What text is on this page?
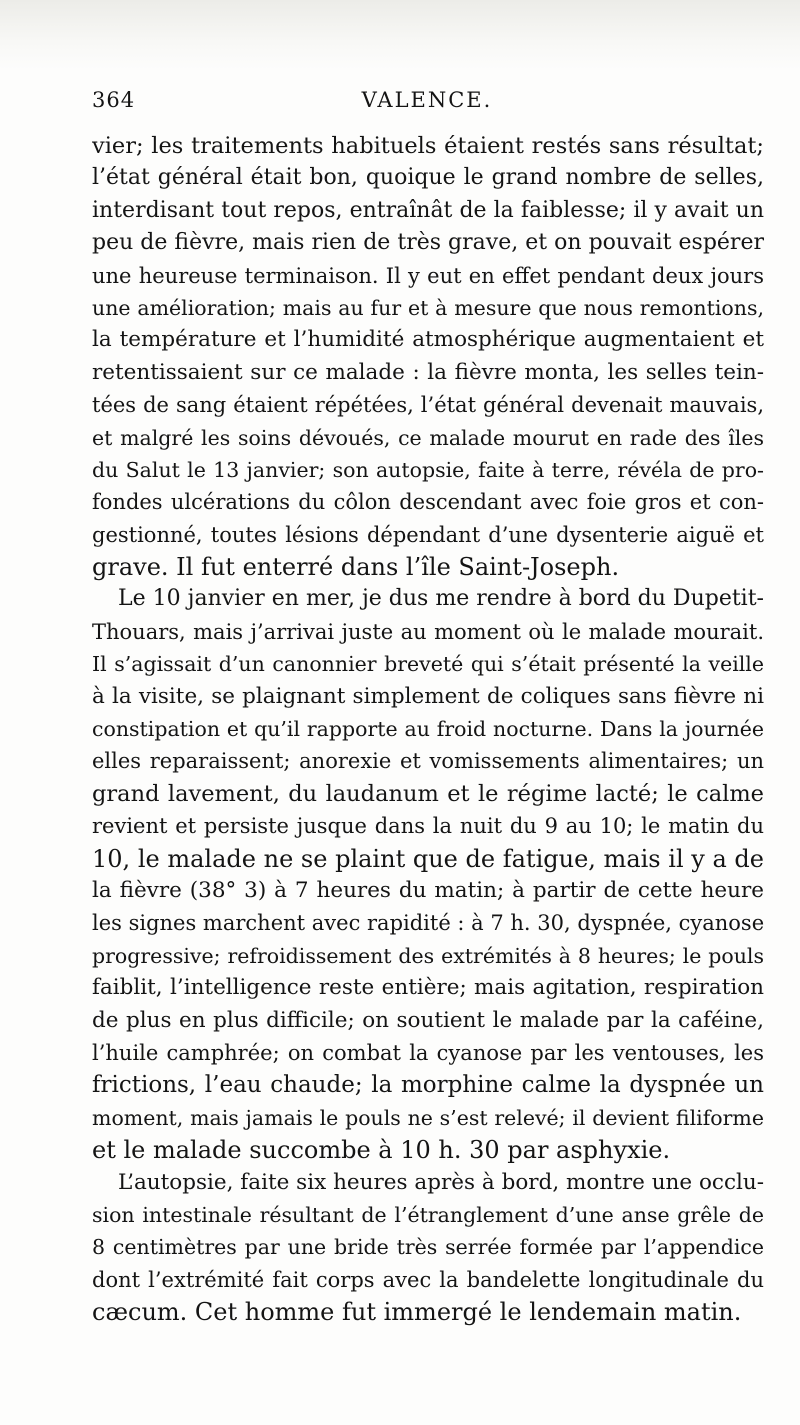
364	VALENCE.
vier; les traitements habituels étaient restés sans résultat;
l’état général était bon, quoique le grand nombre de selles,
interdisant tout repos, entraînât de la faiblesse; il y avait un
peu de fièvre, mais rien de très grave, et on pouvait espérer
une heureuse terminaison. Il y eut en effet pendant deux jours
une amélioration; mais au fur et à mesure que nous remontions,
la température et l’humidité atmosphérique augmentaient et
retentissaient sur ce malade : la fièvre monta, les selles tein-
tées de sang étaient répétées, l’état général devenait mauvais,
et malgré les soins dévoués, ce malade mourut en rade des îles
du Salut le 13 janvier; son autopsie, faite à terre, révéla de pro-
fondes ulcérations du côlon descendant avec foie gros et con-
gestionné, toutes lésions dépendant d’une dysenterie aiguë et
grave. Il fut enterré dans l’île Saint-Joseph.
Le 10 janvier en mer, je dus me rendre à bord du Dupetit-
Thouars, mais j’arrivai juste au moment où le malade mourait.
Il s’agissait d’un canonnier breveté qui s’était présenté la veille
à la visite, se plaignant simplement de coliques sans fièvre ni
constipation et qu’il rapporte au froid nocturne. Dans la journée
elles reparaissent; anorexie et vomissements alimentaires; un
grand lavement, du laudanum et le régime lacté; le calme
revient et persiste jusque dans la nuit du 9 au 10; le matin du
10, le malade ne se plaint que de fatigue, mais il y a de
la fièvre (38° 3) à 7 heures du matin; à partir de cette heure
les signes marchent avec rapidité : à 7 h. 30, dyspnée, cyanose
progressive; refroidissement des extrémités à 8 heures; le pouls
faiblit, l’intelligence reste entière; mais agitation, respiration
de plus en plus difficile; on soutient le malade par la caféine,
l’huile camphrée; on combat la cyanose par les ventouses, les
frictions, l’eau chaude; la morphine calme la dyspnée un
moment, mais jamais le pouls ne s’est relevé; il devient filiforme
et le malade succombe à 10 h. 30 par asphyxie.
L’autopsie, faite six heures après à bord, montre une occlu-
sion intestinale résultant de l’étranglement d’une anse grêle de
8 centimètres par une bride très serrée formée par l’appendice
dont l’extrémité fait corps avec la bandelette longitudinale du
cæcum. Cet homme fut immergé le lendemain matin.
